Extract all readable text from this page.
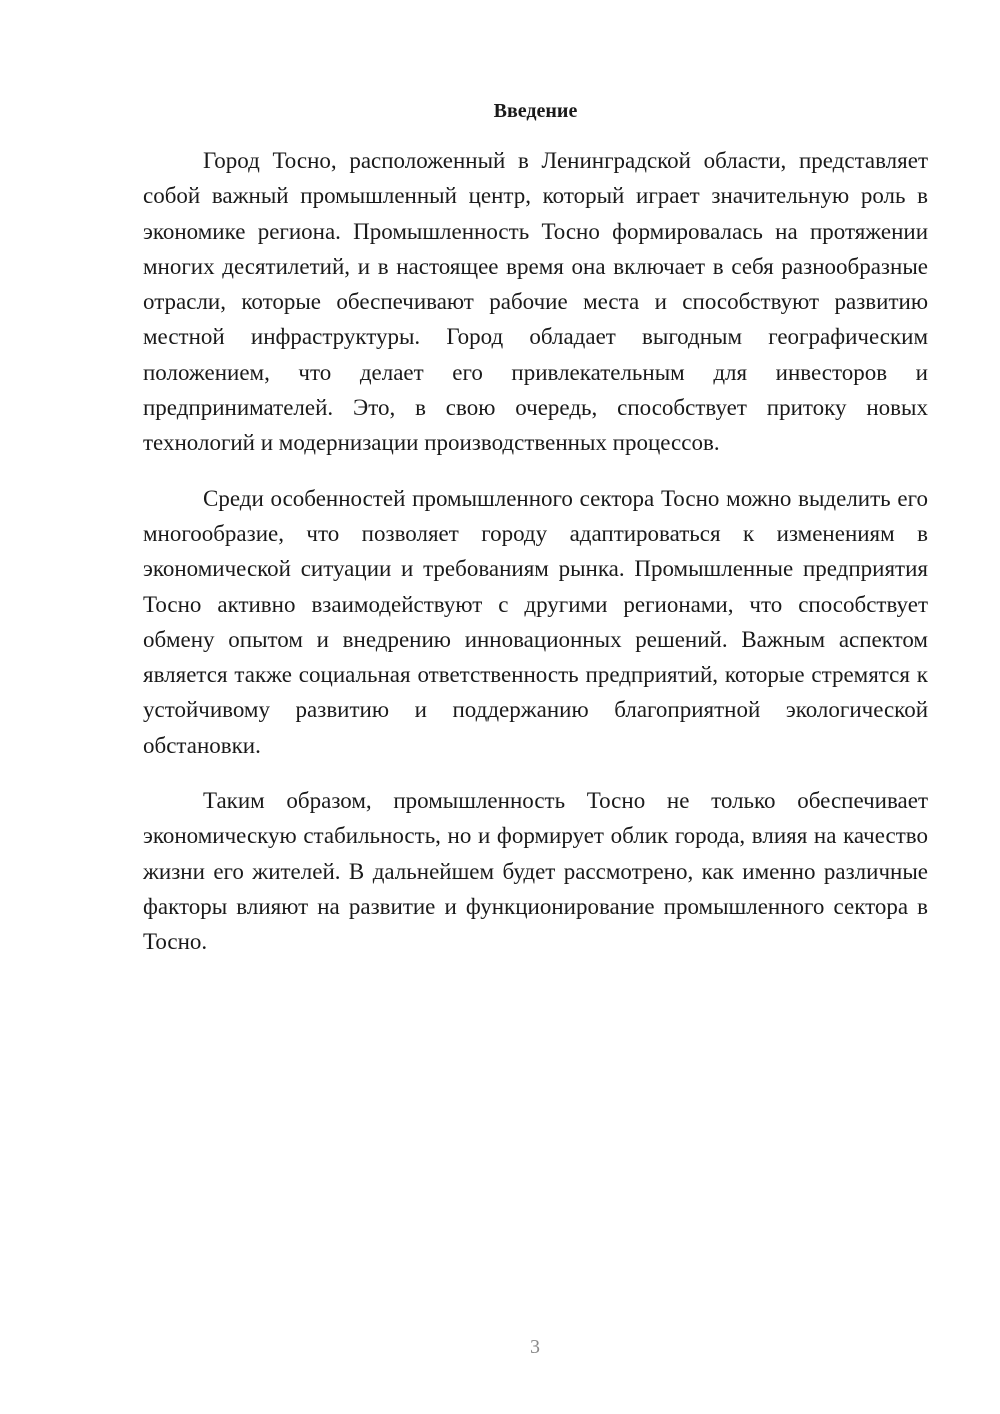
Введение

Город Тосно, расположенный в Ленинградской области, представляет собой важный промышленный центр, который играет значительную роль в экономике региона. Промышленность Тосно формировалась на протяжении многих десятилетий, и в настоящее время она включает в себя разнообразные отрасли, которые обеспечивают рабочие места и способствуют развитию местной инфраструктуры. Город обладает выгодным географическим положением, что делает его привлекательным для инвесторов и предпринимателей. Это, в свою очередь, способствует притоку новых технологий и модернизации производственных процессов.

Среди особенностей промышленного сектора Тосно можно выделить его многообразие, что позволяет городу адаптироваться к изменениям в экономической ситуации и требованиям рынка. Промышленные предприятия Тосно активно взаимодействуют с другими регионами, что способствует обмену опытом и внедрению инновационных решений. Важным аспектом является также социальная ответственность предприятий, которые стремятся к устойчивому развитию и поддержанию благоприятной экологической обстановки.

Таким образом, промышленность Тосно не только обеспечивает экономическую стабильность, но и формирует облик города, влияя на качество жизни его жителей. В дальнейшем будет рассмотрено, как именно различные факторы влияют на развитие и функционирование промышленного сектора в Тосно.

3
